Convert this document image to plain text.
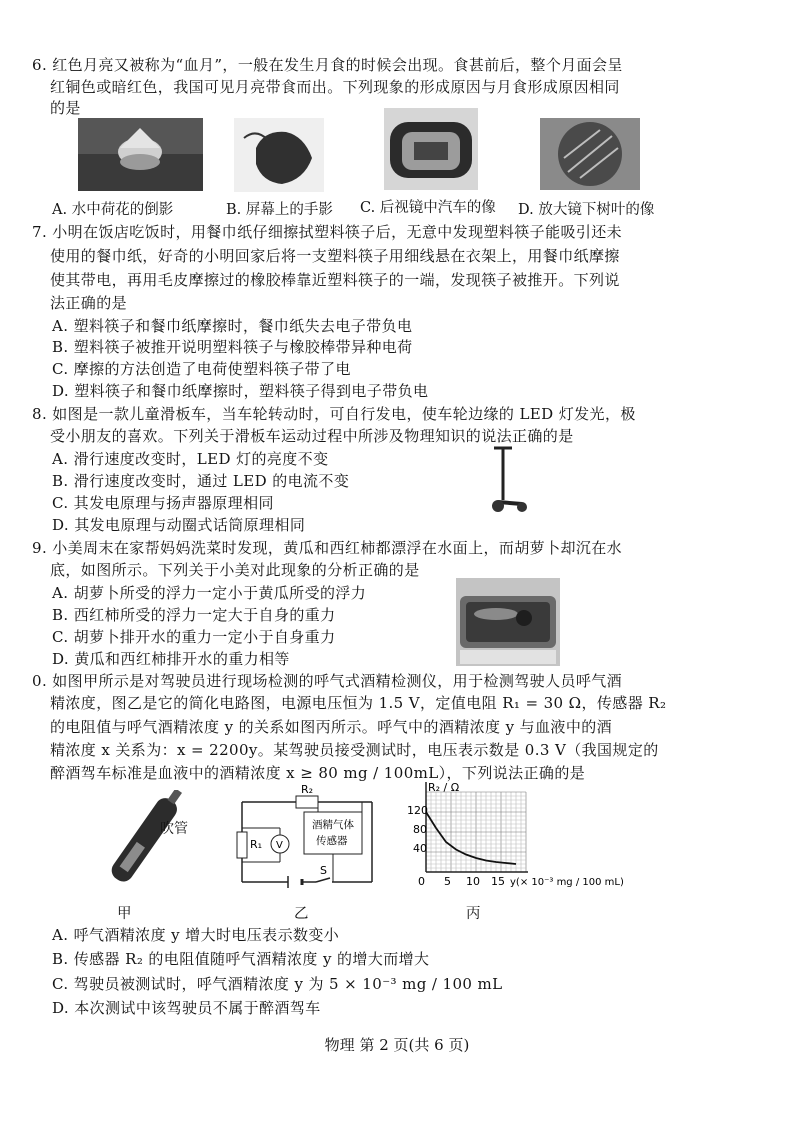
6. 红色月亮又被称为“血月”，一般在发生月食的时候会出现。食甚前后，整个月面会呈
红铜色或暗红色，我国可见月亮带食而出。下列现象的形成原因与月食形成原因相同
的是
A. 水中荷花的倒影	B. 屏幕上的手影 C. 后视镜中汽车的像 D. 放大镜下树叶的像
7. 小明在饭店吃饭时，用餐巾纸仔细擦拭塑料筷子后，无意中发现塑料筷子能吸引还未
使用的餐巾纸，好奇的小明回家后将一支塑料筷子用细线悬在衣架上，用餐巾纸摩擦
使其带电，再用毛皮摩擦过的橡胶棒靠近塑料筷子的一端，发现筷子被推开。下列说
法正确的是
A. 塑料筷子和餐巾纸摩擦时，餐巾纸失去电子带负电
B. 塑料筷子被推开说明塑料筷子与橡胶棒带异种电荷
C. 摩擦的方法创造了电荷使塑料筷子带了电
D. 塑料筷子和餐巾纸摩擦时，塑料筷子得到电子带负电
8. 如图是一款儿童滑板车，当车轮转动时，可自行发电，使车轮边缘的 LED 灯发光，极
受小朋友的喜欢。下列关于滑板车运动过程中所涉及物理知识的说法正确的是
A. 滑行速度改变时，LED 灯的亮度不变
B. 滑行速度改变时，通过 LED 的电流不变
C. 其发电原理与扬声器原理相同
D. 其发电原理与动圈式话筒原理相同
9. 小美周末在家帮妈妈洗菜时发现，黄瓜和西红柿都漂浮在水面上，而胡萝卜却沉在水
底，如图所示。下列关于小美对此现象的分析正确的是
A. 胡萝卜所受的浮力一定小于黄瓜所受的浮力
B. 西红柿所受的浮力一定大于自身的重力
C. 胡萝卜排开水的重力一定小于自身重力
D. 黄瓜和西红柿排开水的重力相等
0. 如图甲所示是对驾驶员进行现场检测的呼气式酒精检测仪，用于检测驾驶人员呼气酒
精浓度，图乙是它的简化电路图，电源电压恒为 1.5 V，定值电阻 R₁ = 30 Ω，传感器 R₂
的电阻值与呼气酒精浓度 y 的关系如图丙所示。呼气中的酒精浓度 y 与血液中的酒
精浓度 x 关系为：x = 2200y。某驾驶员接受测试时，电压表示数是 0.3 V（我国规定的
醉酒驾车标准是血液中的酒精浓度 x ≥ 80 mg / 100mL），下列说法正确的是
吹管
R₂
酒精气体
传感器
R₁ V
S
R₂ / Ω
120
80
40
0 5 10 15 y(× 10⁻³ mg / 100 mL)
甲	乙	丙
A. 呼气酒精浓度 y 增大时电压表示数变小
B. 传感器 R₂ 的电阻值随呼气酒精浓度 y 的增大而增大
C. 驾驶员被测试时，呼气酒精浓度 y 为 5 × 10⁻³ mg / 100 mL
D. 本次测试中该驾驶员不属于醉酒驾车
物理 第 2 页(共 6 页)
